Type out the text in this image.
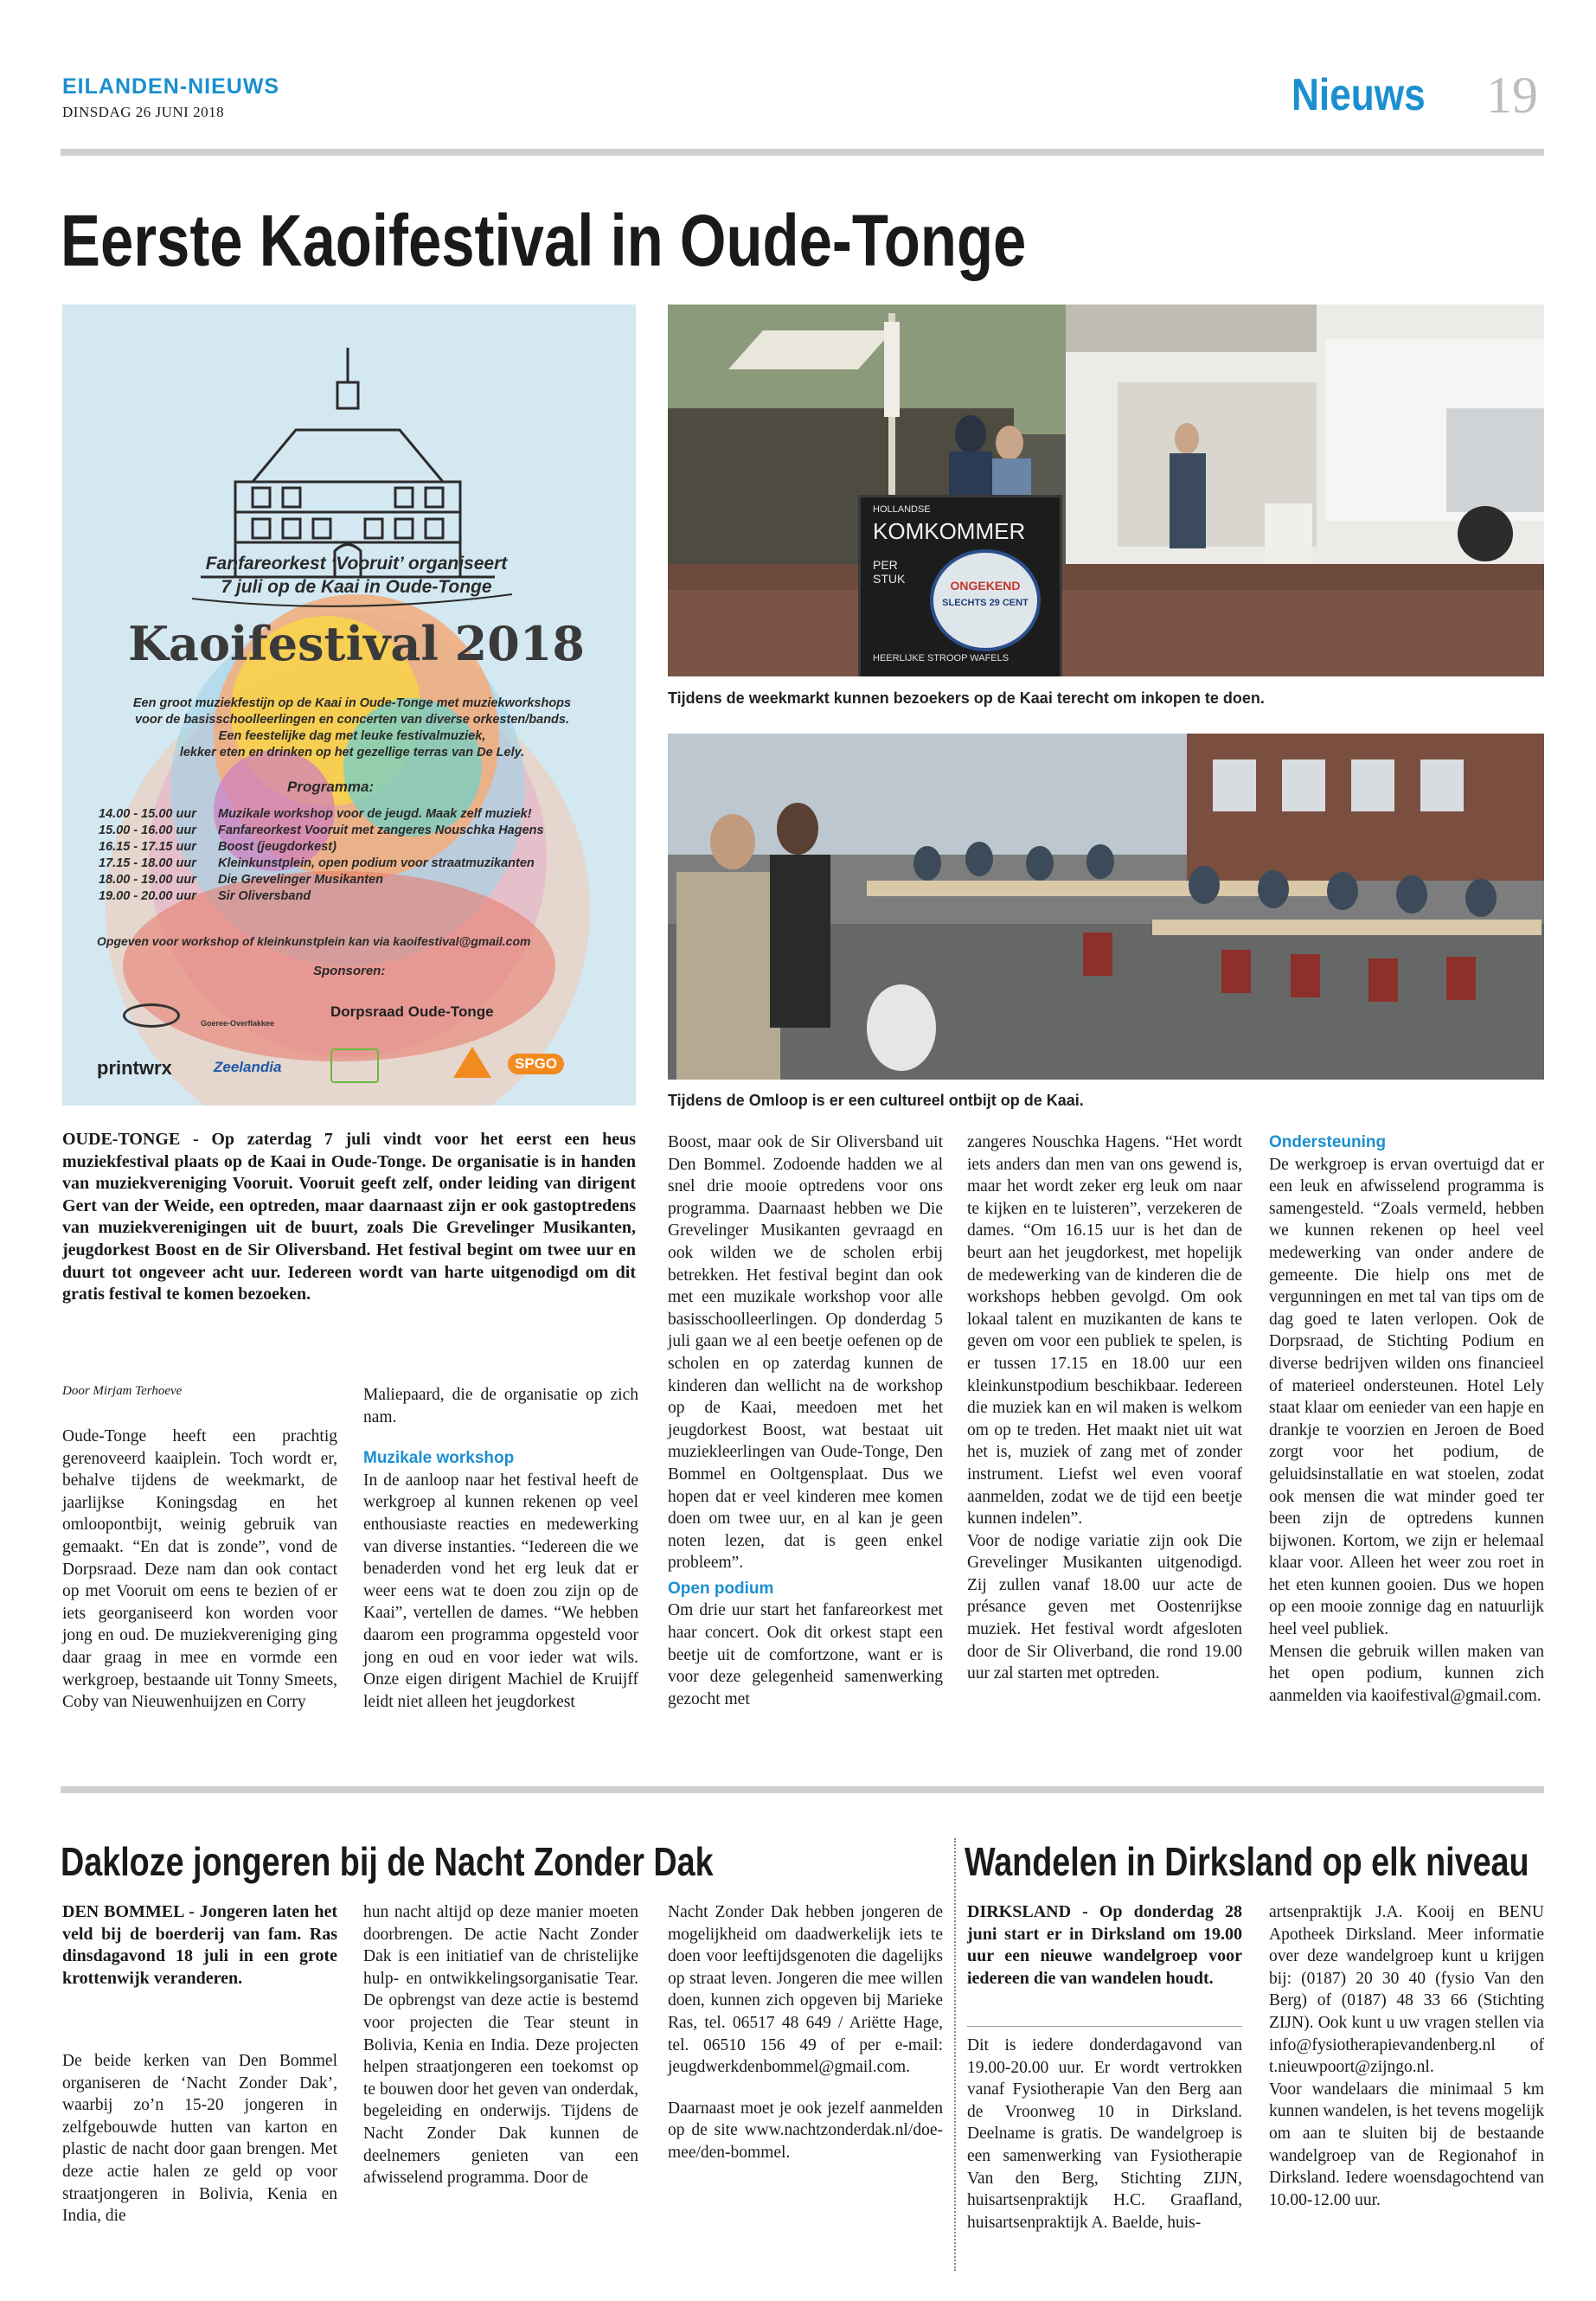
EILANDEN-NIEUWS
DINSDAG 26 JUNI 2018	Nieuws 19
Eerste Kaoifestival in Oude-Tonge
Fanfareorkest ‘Vooruit’ organiseert
7 juli op de Kaai in Oude-Tonge
Kaoifestival 2018
Een groot muziekfestijn op de Kaai in Oude-Tonge met muziekworkshops
voor de basisschoolleerlingen en concerten van diverse orkesten/bands.
Een feestelijke dag met leuke festivalmuziek,
lekker eten en drinken op het gezellige terras van De Lely.
Programma:
14.00 - 15.00 uur Muzikale workshop voor de jeugd. Maak zelf muziek!
15.00 - 16.00 uur Fanfareorkest Vooruit met zangeres Nouschka Hagens
16.15 - 17.15 uur Boost (jeugdorkest)
17.15 - 18.00 uur Kleinkunstplein, open podium voor straatmuzikanten
18.00 - 19.00 uur Die Grevelinger Musikanten
19.00 - 20.00 uur Sir Oliversband
Opgeven voor workshop of kleinkunstplein kan via kaoifestival@gmail.com
Sponsoren:
Goeree-Overflakkee
Dorpsraad Oude-Tonge
printwrx	Zeelandia	SPGO
HOLLANDSE
KOMKOMMER
PER STUK	ONGEKEND
SLECHTS 29 CENT
HEERLIJKE STROOP WAFELS
Tijdens de weekmarkt kunnen bezoekers op de Kaai terecht om inkopen te doen.
Tijdens de Omloop is er een cultureel ontbijt op de Kaai.
OUDE-TONGE - Op zaterdag 7 juli vindt voor het eerst een heus muziekfestival plaats op de Kaai in Oude-Tonge. De organisatie is in handen van muziekvereniging Vooruit. Vooruit geeft zelf, onder leiding van dirigent Gert van der Weide, een optreden, maar daarnaast zijn er ook gastoptredens van muziekverenigingen uit de buurt, zoals Die Grevelinger Musikanten, jeugdorkest Boost en de Sir Oliversband. Het festival begint om twee uur en duurt tot ongeveer acht uur. Iedereen wordt van harte uitgenodigd om dit gratis festival te komen bezoeken.
Door Mirjam Terhoeve
Oude-Tonge heeft een prachtig gerenoveerd kaaiplein. Toch wordt er, behalve tijdens de weekmarkt, de jaarlijkse Koningsdag en het omloopontbijt, weinig gebruik van gemaakt. “En dat is zonde”, vond de Dorpsraad. Deze nam dan ook contact op met Vooruit om eens te bezien of er iets georganiseerd kon worden voor jong en oud. De muziekvereniging ging daar graag in mee en vormde een werkgroep, bestaande uit Tonny Smeets, Coby van Nieuwenhuijzen en Corry

Maliepaard, die de organisatie op zich nam.

Muzikale workshop

In de aanloop naar het festival heeft de werkgroep al kunnen rekenen op veel enthousiaste reacties en medewerking van diverse instanties. “Iedereen die we benaderden vond het erg leuk dat er weer eens wat te doen zou zijn op de Kaai”, vertellen de dames. “We hebben daarom een programma opgesteld voor jong en oud en voor ieder wat wils. Onze eigen dirigent Machiel de Kruijff leidt niet alleen het jeugdorkest

Boost, maar ook de Sir Oliversband uit Den Bommel. Zodoende hadden we al snel drie mooie optredens voor ons programma. Daarnaast hebben we Die Grevelinger Musikanten gevraagd en ook wilden we de scholen erbij betrekken. Het festival begint dan ook met een muzikale workshop voor alle basisschoolleerlingen. Op donderdag 5 juli gaan we al een beetje oefenen op de scholen en op zaterdag kunnen de kinderen dan wellicht na de workshop op de Kaai, meedoen met het jeugdorkest Boost, wat bestaat uit muziekleerlingen van Oude-Tonge, Den Bommel en Ooltgensplaat. Dus we hopen dat er veel kinderen mee komen doen om twee uur, en al kan je geen noten lezen, dat is geen enkel probleem”.

Open podium

Om drie uur start het fanfareorkest met haar concert. Ook dit orkest stapt een beetje uit de comfortzone, want er is voor deze gelegenheid samenwerking gezocht met

zangeres Nouschka Hagens. “Het wordt iets anders dan men van ons gewend is, maar het wordt zeker erg leuk om naar te kijken en te luisteren”, verzekeren de dames. “Om 16.15 uur is het dan de beurt aan het jeugdorkest, met hopelijk de medewerking van de kinderen die de workshops hebben gevolgd. Om ook lokaal talent en muzikanten de kans te geven om voor een publiek te spelen, is er tussen 17.15 en 18.00 uur een kleinkunstpodium beschikbaar. Iedereen die muziek kan en wil maken is welkom om op te treden. Het maakt niet uit wat het is, muziek of zang met of zonder instrument. Liefst wel even vooraf aanmelden, zodat we de tijd een beetje kunnen indelen”.

Voor de nodige variatie zijn ook Die Grevelinger Musikanten uitgenodigd. Zij zullen vanaf 18.00 uur acte de présance geven met Oostenrijkse muziek. Het festival wordt afgesloten door de Sir Oliverband, die rond 19.00 uur zal starten met optreden.

Ondersteuning

De werkgroep is ervan overtuigd dat er een leuk en afwisselend programma is samengesteld. “Zoals vermeld, hebben we kunnen rekenen op heel veel medewerking van onder andere de gemeente. Die hielp ons met de vergunningen en met tal van tips om de dag goed te laten verlopen. Ook de Dorpsraad, de Stichting Podium en diverse bedrijven wilden ons financieel of materieel ondersteunen. Hotel Lely staat klaar om eenieder van een hapje en drankje te voorzien en Jeroen de Boed zorgt voor het podium, de geluidsinstallatie en wat stoelen, zodat ook mensen die wat minder goed ter been zijn de optredens kunnen bijwonen. Kortom, we zijn er helemaal klaar voor. Alleen het weer zou roet in het eten kunnen gooien. Dus we hopen op een mooie zonnige dag en natuurlijk heel veel publiek.

Mensen die gebruik willen maken van het open podium, kunnen zich aanmelden via kaoifestival@gmail.com.

Dakloze jongeren bij de Nacht Zonder Dak
DEN BOMMEL - Jongeren laten het veld bij de boerderij van fam. Ras dinsdagavond 18 juli in een grote krottenwijk veranderen.
De beide kerken van Den Bommel organiseren de ‘Nacht Zonder Dak’, waarbij zo’n 15-20 jongeren in zelfgebouwde hutten van karton en plastic de nacht door gaan brengen. Met deze actie halen ze geld op voor straatjongeren in Bolivia, Kenia en India, die
hun nacht altijd op deze manier moeten doorbrengen. De actie Nacht Zonder Dak is een initiatief van de christelijke hulp- en ontwikkelingsorganisatie Tear. De opbrengst van deze actie is bestemd voor projecten die Tear steunt in Bolivia, Kenia en India. Deze projecten helpen straatjongeren een toekomst op te bouwen door het geven van onderdak, begeleiding en onderwijs. Tijdens de Nacht Zonder Dak kunnen de deelnemers genieten van een afwisselend programma. Door de

Nacht Zonder Dak hebben jongeren de mogelijkheid om daadwerkelijk iets te doen voor leeftijdsgenoten die dagelijks op straat leven. Jongeren die mee willen doen, kunnen zich opgeven bij Marieke Ras, tel. 06517 48 649 / Ariëtte Hage, tel. 06510 156 49 of per e-mail: jeugdwerkdenbommel@gmail.com.

Daarnaast moet je ook jezelf aanmelden op de site www.nachtzonderdak.nl/doe-mee/den-bommel.

Wandelen in Dirksland op elk niveau
DIRKSLAND - Op donderdag 28 juni start er in Dirksland om 19.00 uur een nieuwe wandelgroep voor iedereen die van wandelen houdt.
Dit is iedere donderdagavond van 19.00-20.00 uur. Er wordt vertrokken vanaf Fysiotherapie Van den Berg aan de Vroonweg 10 in Dirksland. Deelname is gratis. De wandelgroep is een samenwerking van Fysiotherapie Van den Berg, Stichting ZIJN, huisartsenpraktijk H.C. Graafland, huisartsenpraktijk A. Baelde, huis-

artsenpraktijk J.A. Kooij en BENU Apotheek Dirksland. Meer informatie over deze wandelgroep kunt u krijgen bij: (0187) 20 30 40 (fysio Van den Berg) of (0187) 48 33 66 (Stichting ZIJN). Ook kunt u uw vragen stellen via info@fysiotherapievandenberg.nl of t.nieuwpoort@zijngo.nl.

Voor wandelaars die minimaal 5 km kunnen wandelen, is het tevens mogelijk om aan te sluiten bij de bestaande wandelgroep van de Regionahof in Dirksland. Iedere woensdagochtend van 10.00-12.00 uur.
